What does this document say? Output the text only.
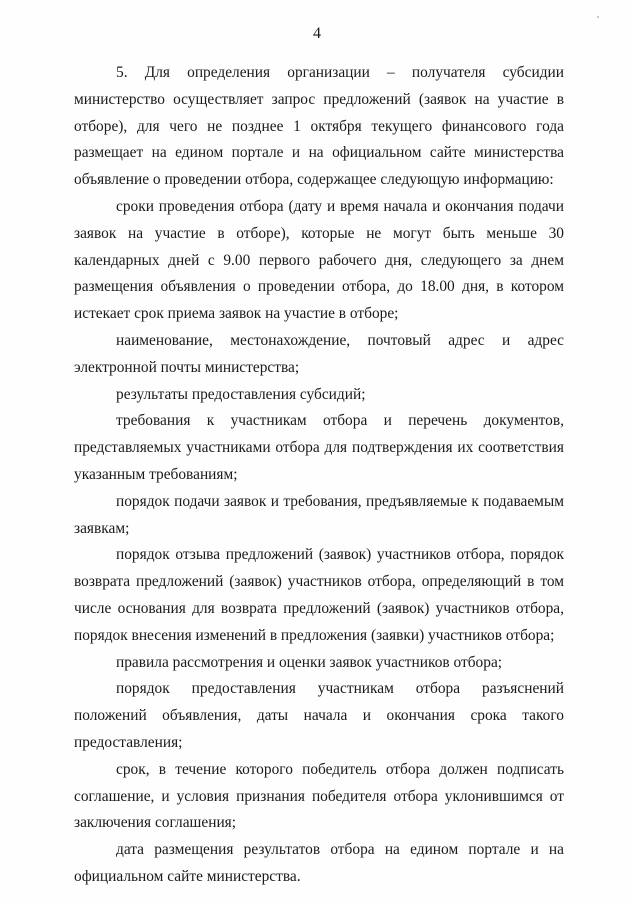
4

5. Для определения организации – получателя субсидии министерство осуществляет запрос предложений (заявок на участие в отборе), для чего не позднее 1 октября текущего финансового года размещает на едином портале и на официальном сайте министерства объявление о проведении отбора, содержащее следующую информацию:

сроки проведения отбора (дату и время начала и окончания подачи заявок на участие в отборе), которые не могут быть меньше 30 календарных дней с 9.00 первого рабочего дня, следующего за днем размещения объявления о проведении отбора, до 18.00 дня, в котором истекает срок приема заявок на участие в отборе;

наименование, местонахождение, почтовый адрес и адрес электронной почты министерства;

результаты предоставления субсидий;

требования к участникам отбора и перечень документов, представляемых участниками отбора для подтверждения их соответствия указанным требованиям;

порядок подачи заявок и требования, предъявляемые к подаваемым заявкам;

порядок отзыва предложений (заявок) участников отбора, порядок возврата предложений (заявок) участников отбора, определяющий в том числе основания для возврата предложений (заявок) участников отбора, порядок внесения изменений в предложения (заявки) участников отбора;

правила рассмотрения и оценки заявок участников отбора;

порядок предоставления участникам отбора разъяснений положений объявления, даты начала и окончания срока такого предоставления;

срок, в течение которого победитель отбора должен подписать соглашение, и условия признания победителя отбора уклонившимся от заключения соглашения;

дата размещения результатов отбора на едином портале и на официальном сайте министерства.
